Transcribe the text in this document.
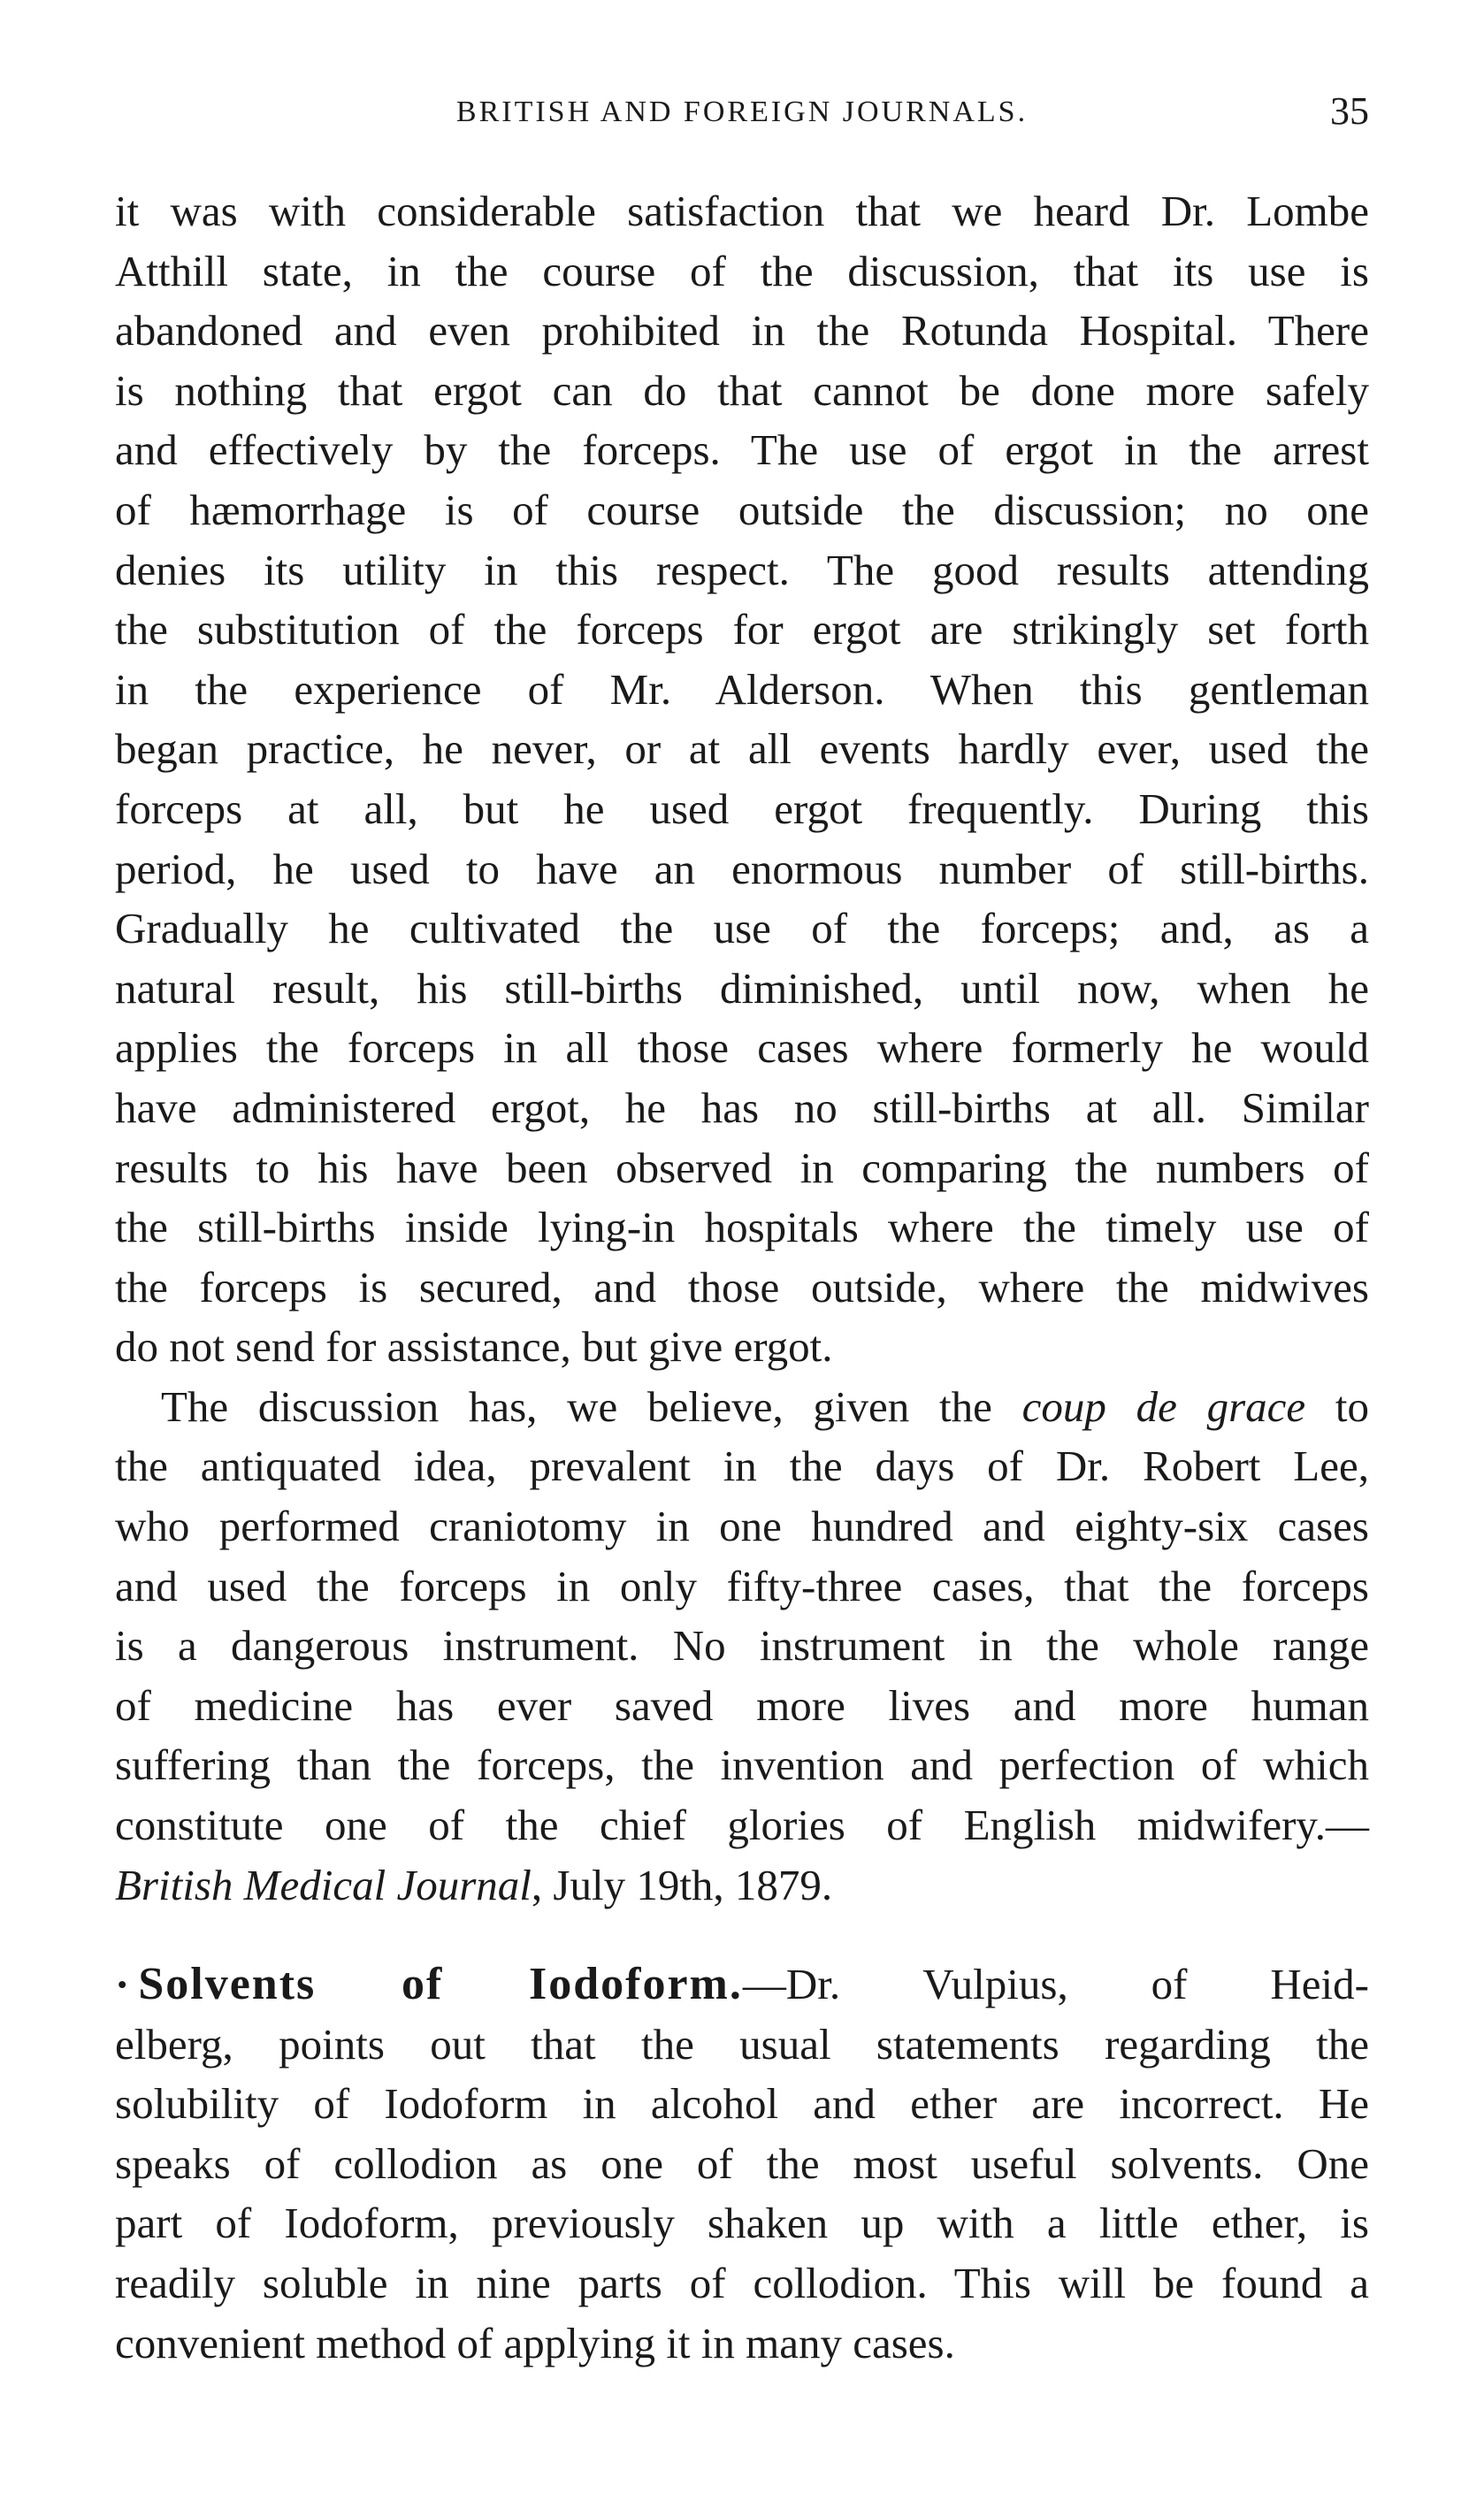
BRITISH AND FOREIGN JOURNALS.	35
it was with considerable satisfaction that we heard Dr. Lombe
Atthill state, in the course of the discussion, that its use is
abandoned and even prohibited in the Rotunda Hospital. There
is nothing that ergot can do that cannot be done more safely
and effectively by the forceps. The use of ergot in the arrest
of hæmorrhage is of course outside the discussion; no one
denies its utility in this respect. The good results attending
the substitution of the forceps for ergot are strikingly set forth
in the experience of Mr. Alderson. When this gentleman
began practice, he never, or at all events hardly ever, used the
forceps at all, but he used ergot frequently. During this
period, he used to have an enormous number of still-births.
Gradually he cultivated the use of the forceps; and, as a
natural result, his still-births diminished, until now, when he
applies the forceps in all those cases where formerly he would
have administered ergot, he has no still-births at all. Similar
results to his have been observed in comparing the numbers of
the still-births inside lying-in hospitals where the timely use of
the forceps is secured, and those outside, where the midwives
do not send for assistance, but give ergot.
The discussion has, we believe, given the coup de grace to
the antiquated idea, prevalent in the days of Dr. Robert Lee,
who performed craniotomy in one hundred and eighty-six cases
and used the forceps in only fifty-three cases, that the forceps
is a dangerous instrument. No instrument in the whole range
of medicine has ever saved more lives and more human
suffering than the forceps, the invention and perfection of which
constitute one of the chief glories of English midwifery.—
British Medical Journal, July 19th, 1879.
· Solvents of Iodoform.—Dr. Vulpius, of Heid-
elberg, points out that the usual statements regarding the
solubility of Iodoform in alcohol and ether are incorrect. He
speaks of collodion as one of the most useful solvents. One
part of Iodoform, previously shaken up with a little ether, is
readily soluble in nine parts of collodion. This will be found a
convenient method of applying it in many cases.
